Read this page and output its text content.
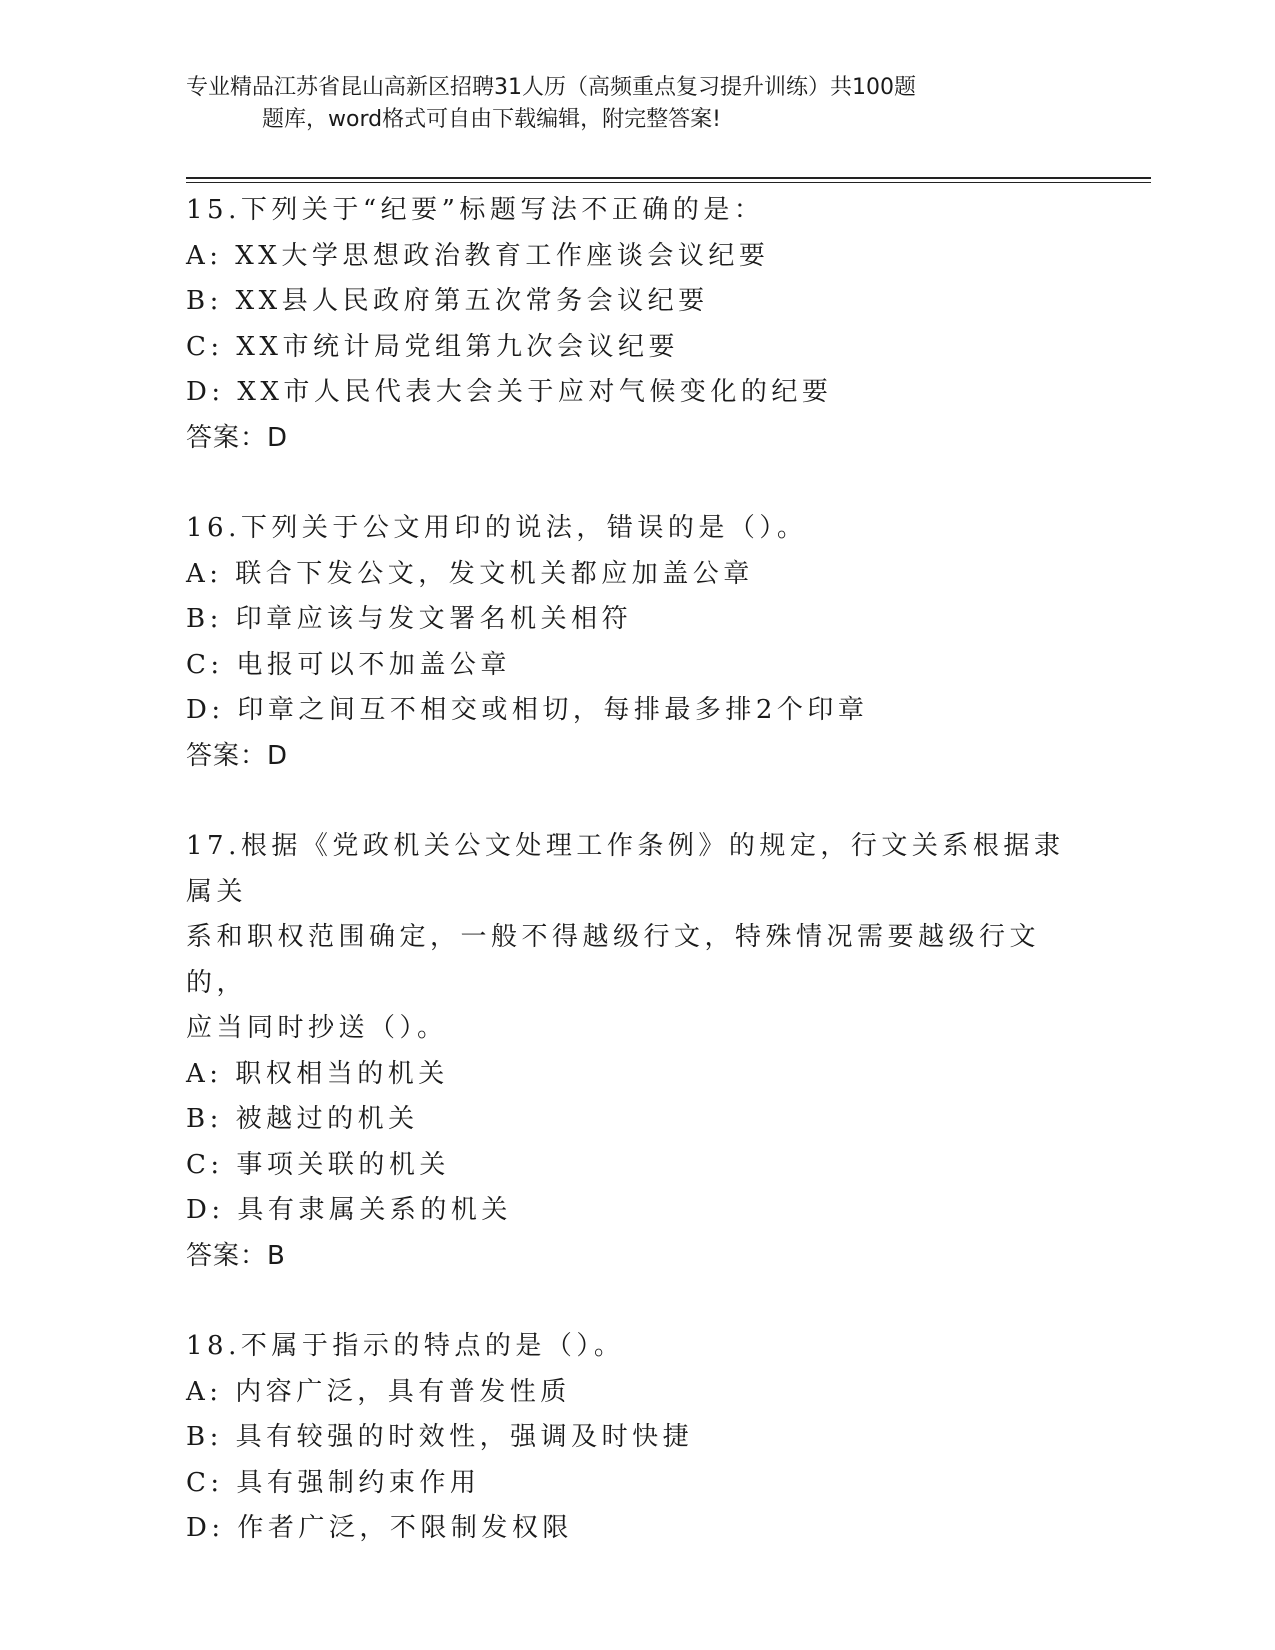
专业精品江苏省昆山高新区招聘31人历（高频重点复习提升训练）共100题
题库，word格式可自由下载编辑，附完整答案!
15.下列关于“纪要”标题写法不正确的是：
A: XX大学思想政治教育工作座谈会议纪要
B: XX县人民政府第五次常务会议纪要
C: XX市统计局党组第九次会议纪要
D: XX市人民代表大会关于应对气候变化的纪要
答案：D
16.下列关于公文用印的说法，错误的是（）。
A: 联合下发公文，发文机关都应加盖公章
B: 印章应该与发文署名机关相符
C: 电报可以不加盖公章
D: 印章之间互不相交或相切，每排最多排2个印章
答案：D
17.根据《党政机关公文处理工作条例》的规定，行文关系根据隶属关
系和职权范围确定，一般不得越级行文，特殊情况需要越级行文的，
应当同时抄送（）。
A: 职权相当的机关
B: 被越过的机关
C: 事项关联的机关
D: 具有隶属关系的机关
答案：B
18.不属于指示的特点的是（）。
A: 内容广泛，具有普发性质
B: 具有较强的时效性，强调及时快捷
C: 具有强制约束作用
D: 作者广泛，不限制发权限
